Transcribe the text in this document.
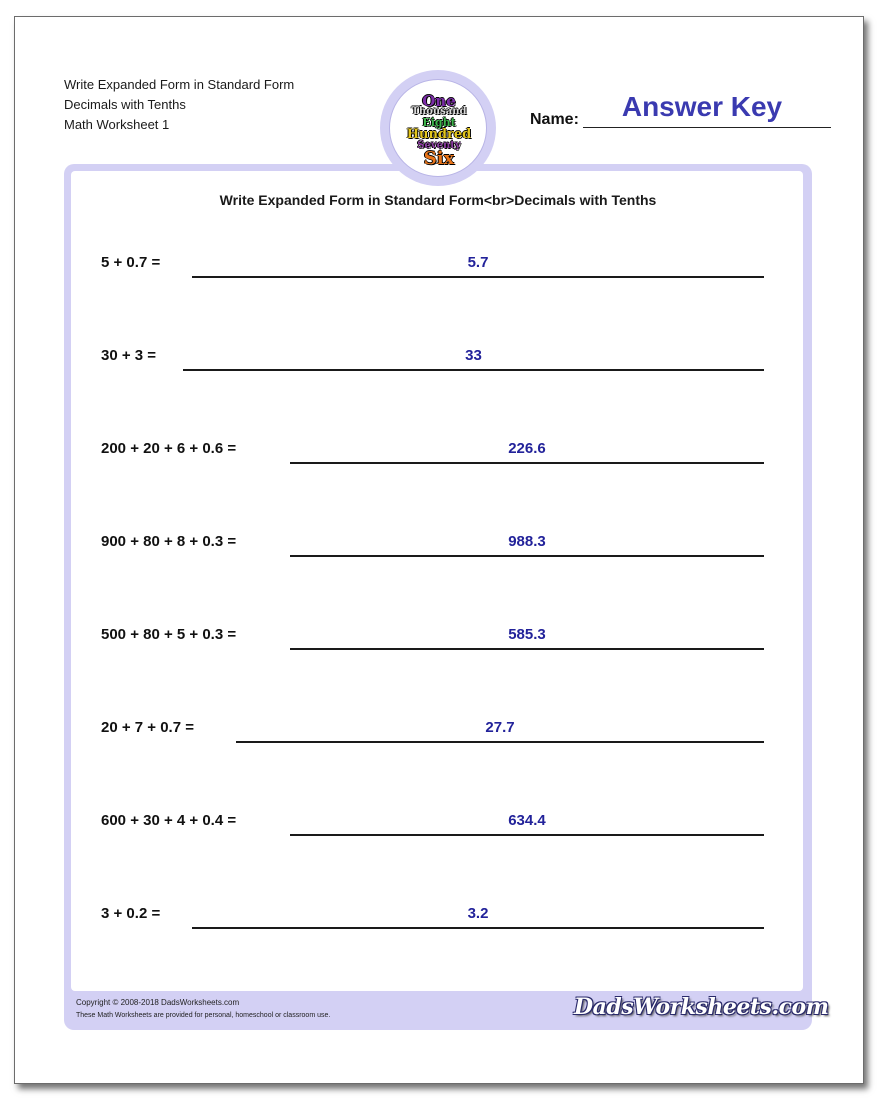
Write Expanded Form in Standard Form
Decimals with Tenths
Math Worksheet 1	Name:	Answer Key
One
Thousand
Eight
Hundred
Seventy
Six
Write Expanded Form in Standard Form<br>Decimals with Tenths
5 + 0.7 =	5.7
30 + 3 =	33
200 + 20 + 6 + 0.6 =	226.6
900 + 80 + 8 + 0.3 =	988.3
500 + 80 + 5 + 0.3 =	585.3
20 + 7 + 0.7 =	27.7
600 + 30 + 4 + 0.4 =	634.4
3 + 0.2 =	3.2
Copyright © 2008-2018 DadsWorksheets.com
These Math Worksheets are provided for personal, homeschool or classroom use.	DadsWorksheets.com
